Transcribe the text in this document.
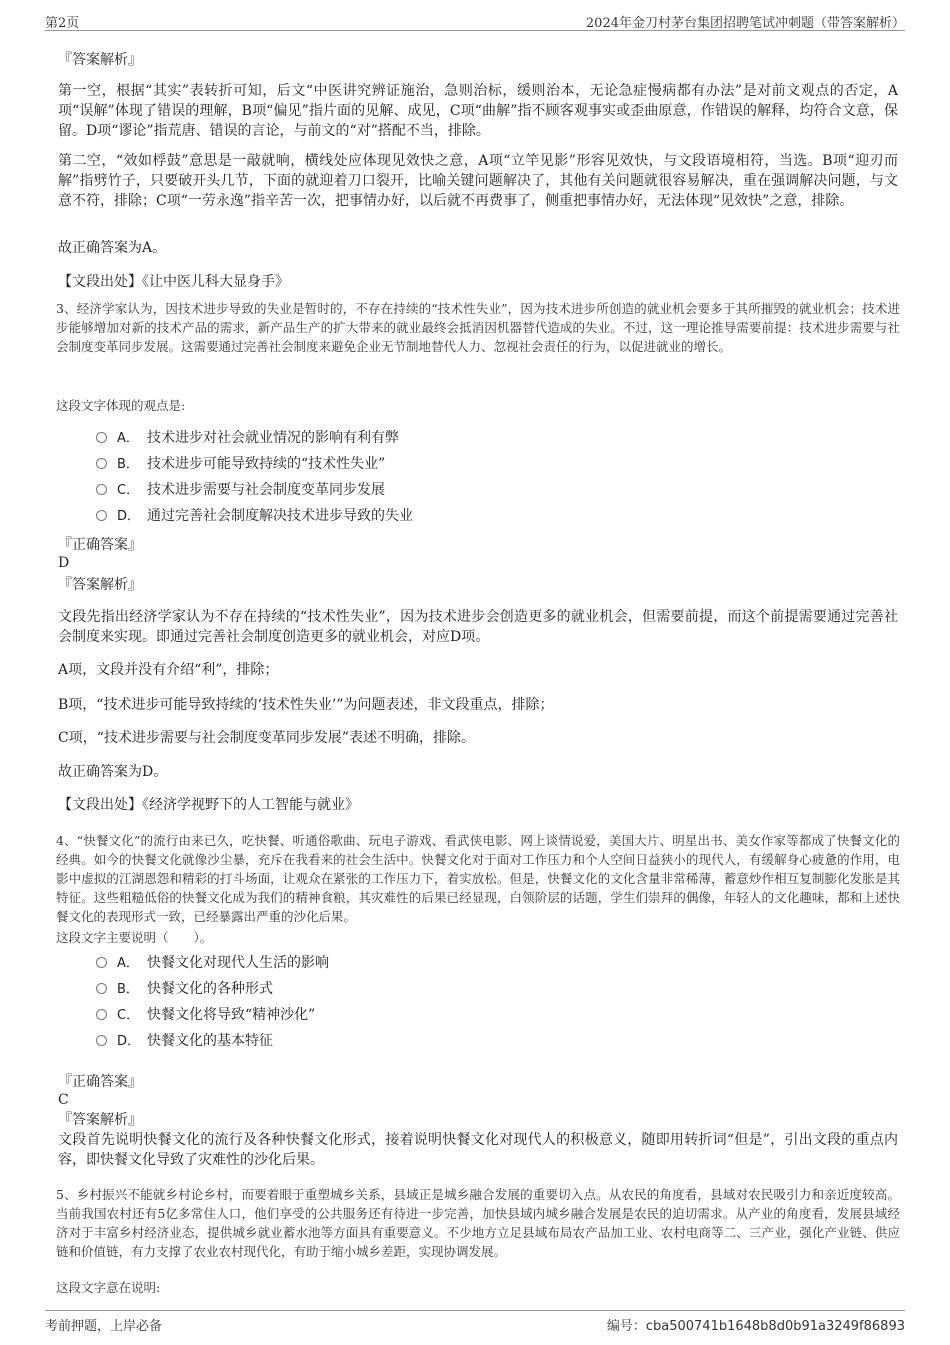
第2页	2024年金刀村茅台集团招聘笔试冲刺题（带答案解析）

『答案解析』

第一空，根据“其实”表转折可知，后文“中医讲究辨证施治，急则治标，缓则治本，无论急症慢病都有办法”是对前文观点的否定，A项“误解”体现了错误的理解，B项“偏见”指片面的见解、成见，C项“曲解”指不顾客观事实或歪曲原意，作错误的解释，均符合文意，保留。D项“谬论”指荒唐、错误的言论，与前文的“对”搭配不当，排除。

第二空，“效如桴鼓”意思是一敲就响，横线处应体现见效快之意，A项“立竿见影”形容见效快，与文段语境相符，当选。B项“迎刃而解”指劈竹子，只要破开头几节，下面的就迎着刀口裂开，比喻关键问题解决了，其他有关问题就很容易解决，重在强调解决问题，与文意不符，排除；C项“一劳永逸”指辛苦一次，把事情办好，以后就不再费事了，侧重把事情办好，无法体现“见效快”之意，排除。

故正确答案为A。

【文段出处】《让中医儿科大显身手》

3、经济学家认为，因技术进步导致的失业是暂时的，不存在持续的“技术性失业”，因为技术进步所创造的就业机会要多于其所摧毁的就业机会；技术进步能够增加对新的技术产品的需求，新产品生产的扩大带来的就业最终会抵消因机器替代造成的失业。不过，这一理论推导需要前提：技术进步需要与社会制度变革同步发展。这需要通过完善社会制度来避免企业无节制地替代人力、忽视社会责任的行为，以促进就业的增长。

这段文字体现的观点是:

A． 技术进步对社会就业情况的影响有利有弊
B． 技术进步可能导致持续的“技术性失业”
C． 技术进步需要与社会制度变革同步发展
D． 通过完善社会制度解决技术进步导致的失业

『正确答案』

D

『答案解析』

文段先指出经济学家认为不存在持续的“技术性失业”，因为技术进步会创造更多的就业机会，但需要前提，而这个前提需要通过完善社会制度来实现。即通过完善社会制度创造更多的就业机会，对应D项。

A项，文段并没有介绍“利”，排除；

B项，“技术进步可能导致持续的‘技术性失业’”为问题表述，非文段重点，排除；

C项，“技术进步需要与社会制度变革同步发展”表述不明确，排除。

故正确答案为D。

【文段出处】《经济学视野下的人工智能与就业》

4、“快餐文化”的流行由来已久，吃快餐、听通俗歌曲、玩电子游戏、看武侠电影、网上谈情说爱，美国大片、明星出书、美女作家等都成了快餐文化的经典。如今的快餐文化就像沙尘暴，充斥在我看来的社会生活中。快餐文化对于面对工作压力和个人空间日益狭小的现代人，有缓解身心疲惫的作用，电影中虚拟的江湖恩怨和精彩的打斗场面，让观众在紧张的工作压力下，着实放松。但是，快餐文化的文化含量非常稀薄，蓄意炒作相互复制膨化发胀是其特征。这些粗糙低俗的快餐文化成为我们的精神食粮，其灾难性的后果已经显现，白领阶层的话题，学生们崇拜的偶像，年轻人的文化趣味，都和上述快餐文化的表现形式一致，已经暴露出严重的沙化后果。

这段文字主要说明（　　）。

A． 快餐文化对现代人生活的影响
B． 快餐文化的各种形式
C． 快餐文化将导致“精神沙化”
D． 快餐文化的基本特征

『正确答案』

C

『答案解析』

文段首先说明快餐文化的流行及各种快餐文化形式，接着说明快餐文化对现代人的积极意义，随即用转折词“但是”，引出文段的重点内容，即快餐文化导致了灾难性的沙化后果。

5、乡村振兴不能就乡村论乡村，而要着眼于重塑城乡关系，县域正是城乡融合发展的重要切入点。从农民的角度看，县域对农民吸引力和亲近度较高。当前我国农村还有5亿多常住人口，他们享受的公共服务还有待进一步完善，加快县域内城乡融合发展是农民的迫切需求。从产业的角度看，发展县域经济对于丰富乡村经济业态，提供城乡就业蓄水池等方面具有重要意义。不少地方立足县域布局农产品加工业、农村电商等二、三产业，强化产业链、供应链和价值链，有力支撑了农业农村现代化，有助于缩小城乡差距，实现协调发展。

这段文字意在说明:

考前押题，上岸必备	编号：cba500741b1648b8d0b91a3249f86893
